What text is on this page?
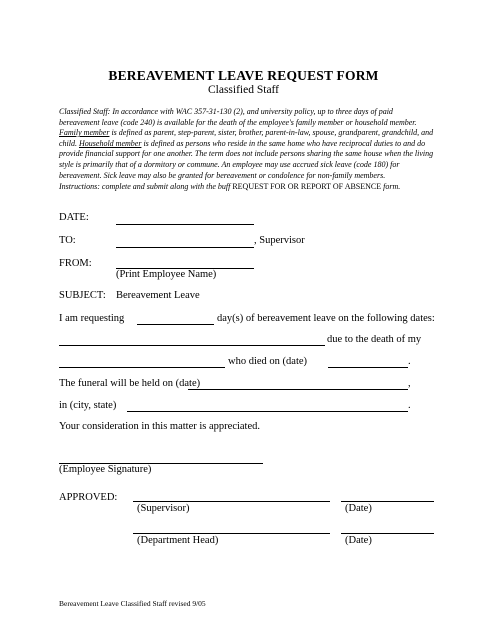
BEREAVEMENT LEAVE REQUEST FORM
Classified Staff
Classified Staff: In accordance with WAC 357-31-130 (2), and university policy, up to three days of paid bereavement leave (code 240) is available for the death of the employee's family member or household member. Family member is defined as parent, step-parent, sister, brother, parent-in-law, spouse, grandparent, grandchild, and child. Household member is defined as persons who reside in the same home who have reciprocal duties to and do provide financial support for one another. The term does not include persons sharing the same house when the living style is primarily that of a dormitory or commune. An employee may use accrued sick leave (code 180) for bereavement. Sick leave may also be granted for bereavement or condolence for non-family members.
Instructions: complete and submit along with the buff REQUEST FOR OR REPORT OF ABSENCE form.
DATE:
TO:	, Supervisor
FROM:
(Print Employee Name)
SUBJECT: Bereavement Leave
I am requesting	day(s) of bereavement leave on the following dates:
due to the death of my
who died on (date)	.
The funeral will be held on (date)	,
in (city, state)	.
Your consideration in this matter is appreciated.
(Employee Signature)
APPROVED:
(Supervisor)	(Date)
(Department Head)	(Date)
Bereavement Leave Classified Staff revised 9/05
